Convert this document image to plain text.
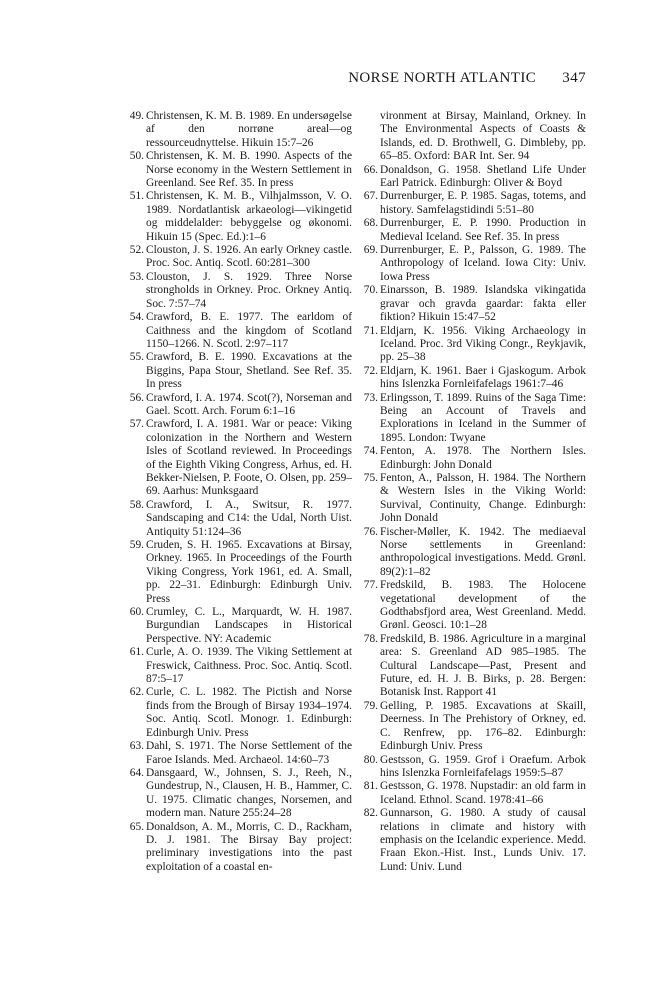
NORSE NORTH ATLANTIC 347

49. Christensen, K. M. B. 1989. En undersøgelse af den norrøne areal—og ressourceudnyttelse. Hikuin 15:7–26

50. Christensen, K. M. B. 1990. Aspects of the Norse economy in the Western Settlement in Greenland. See Ref. 35. In press

51. Christensen, K. M. B., Vilhjalmsson, V. O. 1989. Nordatlantisk arkaeologi—vikingetid og middelalder: bebyggelse og økonomi. Hikuin 15 (Spec. Ed.):1–6

52. Clouston, J. S. 1926. An early Orkney castle. Proc. Soc. Antiq. Scotl. 60:281–300

53. Clouston, J. S. 1929. Three Norse strongholds in Orkney. Proc. Orkney Antiq. Soc. 7:57–74

54. Crawford, B. E. 1977. The earldom of Caithness and the kingdom of Scotland 1150–1266. N. Scotl. 2:97–117

55. Crawford, B. E. 1990. Excavations at the Biggins, Papa Stour, Shetland. See Ref. 35. In press

56. Crawford, I. A. 1974. Scot(?), Norseman and Gael. Scott. Arch. Forum 6:1–16

57. Crawford, I. A. 1981. War or peace: Viking colonization in the Northern and Western Isles of Scotland reviewed. In Proceedings of the Eighth Viking Congress, Arhus, ed. H. Bekker-Nielsen, P. Foote, O. Olsen, pp. 259–69. Aarhus: Munksgaard

58. Crawford, I. A., Switsur, R. 1977. Sandscaping and C14: the Udal, North Uist. Antiquity 51:124–36

59. Cruden, S. H. 1965. Excavations at Birsay, Orkney. 1965. In Proceedings of the Fourth Viking Congress, York 1961, ed. A. Small, pp. 22–31. Edinburgh: Edinburgh Univ. Press

60. Crumley, C. L., Marquardt, W. H. 1987. Burgundian Landscapes in Historical Perspective. NY: Academic

61. Curle, A. O. 1939. The Viking Settlement at Freswick, Caithness. Proc. Soc. Antiq. Scotl. 87:5–17

62. Curle, C. L. 1982. The Pictish and Norse finds from the Brough of Birsay 1934–1974. Soc. Antiq. Scotl. Monogr. 1. Edinburgh: Edinburgh Univ. Press

63. Dahl, S. 1971. The Norse Settlement of the Faroe Islands. Med. Archaeol. 14:60–73

64. Dansgaard, W., Johnsen, S. J., Reeh, N., Gundestrup, N., Clausen, H. B., Hammer, C. U. 1975. Climatic changes, Norsemen, and modern man. Nature 255:24–28

65. Donaldson, A. M., Morris, C. D., Rackham, D. J. 1981. The Birsay Bay project: preliminary investigations into the past exploitation of a coastal en-

vironment at Birsay, Mainland, Orkney. In The Environmental Aspects of Coasts & Islands, ed. D. Brothwell, G. Dimbleby, pp. 65–85. Oxford: BAR Int. Ser. 94

66. Donaldson, G. 1958. Shetland Life Under Earl Patrick. Edinburgh: Oliver & Boyd

67. Durrenburger, E. P. 1985. Sagas, totems, and history. Samfelagstidindi 5:51–80

68. Durrenburger, E. P. 1990. Production in Medieval Iceland. See Ref. 35. In press

69. Durrenburger, E. P., Palsson, G. 1989. The Anthropology of Iceland. Iowa City: Univ. Iowa Press

70. Einarsson, B. 1989. Islandska vikingatida gravar och gravda gaardar: fakta eller fiktion? Hikuin 15:47–52

71. Eldjarn, K. 1956. Viking Archaeology in Iceland. Proc. 3rd Viking Congr., Reykjavik, pp. 25–38

72. Eldjarn, K. 1961. Baer i Gjaskogum. Arbok hins Islenzka Fornleifafelags 1961:7–46

73. Erlingsson, T. 1899. Ruins of the Saga Time: Being an Account of Travels and Explorations in Iceland in the Summer of 1895. London: Twyane

74. Fenton, A. 1978. The Northern Isles. Edinburgh: John Donald

75. Fenton, A., Palsson, H. 1984. The Northern & Western Isles in the Viking World: Survival, Continuity, Change. Edinburgh: John Donald

76. Fischer-Møller, K. 1942. The mediaeval Norse settlements in Greenland: anthropological investigations. Medd. Grønl. 89(2):1–82

77. Fredskild, B. 1983. The Holocene vegetational development of the Godthabsfjord area, West Greenland. Medd. Grønl. Geosci. 10:1–28

78. Fredskild, B. 1986. Agriculture in a marginal area: S. Greenland AD 985–1985. The Cultural Landscape—Past, Present and Future, ed. H. J. B. Birks, p. 28. Bergen: Botanisk Inst. Rapport 41

79. Gelling, P. 1985. Excavations at Skaill, Deerness. In The Prehistory of Orkney, ed. C. Renfrew, pp. 176–82. Edinburgh: Edinburgh Univ. Press

80. Gestsson, G. 1959. Grof i Oraefum. Arbok hins Islenzka Fornleifafelags 1959:5–87

81. Gestsson, G. 1978. Nupstadir: an old farm in Iceland. Ethnol. Scand. 1978:41–66

82. Gunnarson, G. 1980. A study of causal relations in climate and history with emphasis on the Icelandic experience. Medd. Fraan Ekon.-Hist. Inst., Lunds Univ. 17. Lund: Univ. Lund
